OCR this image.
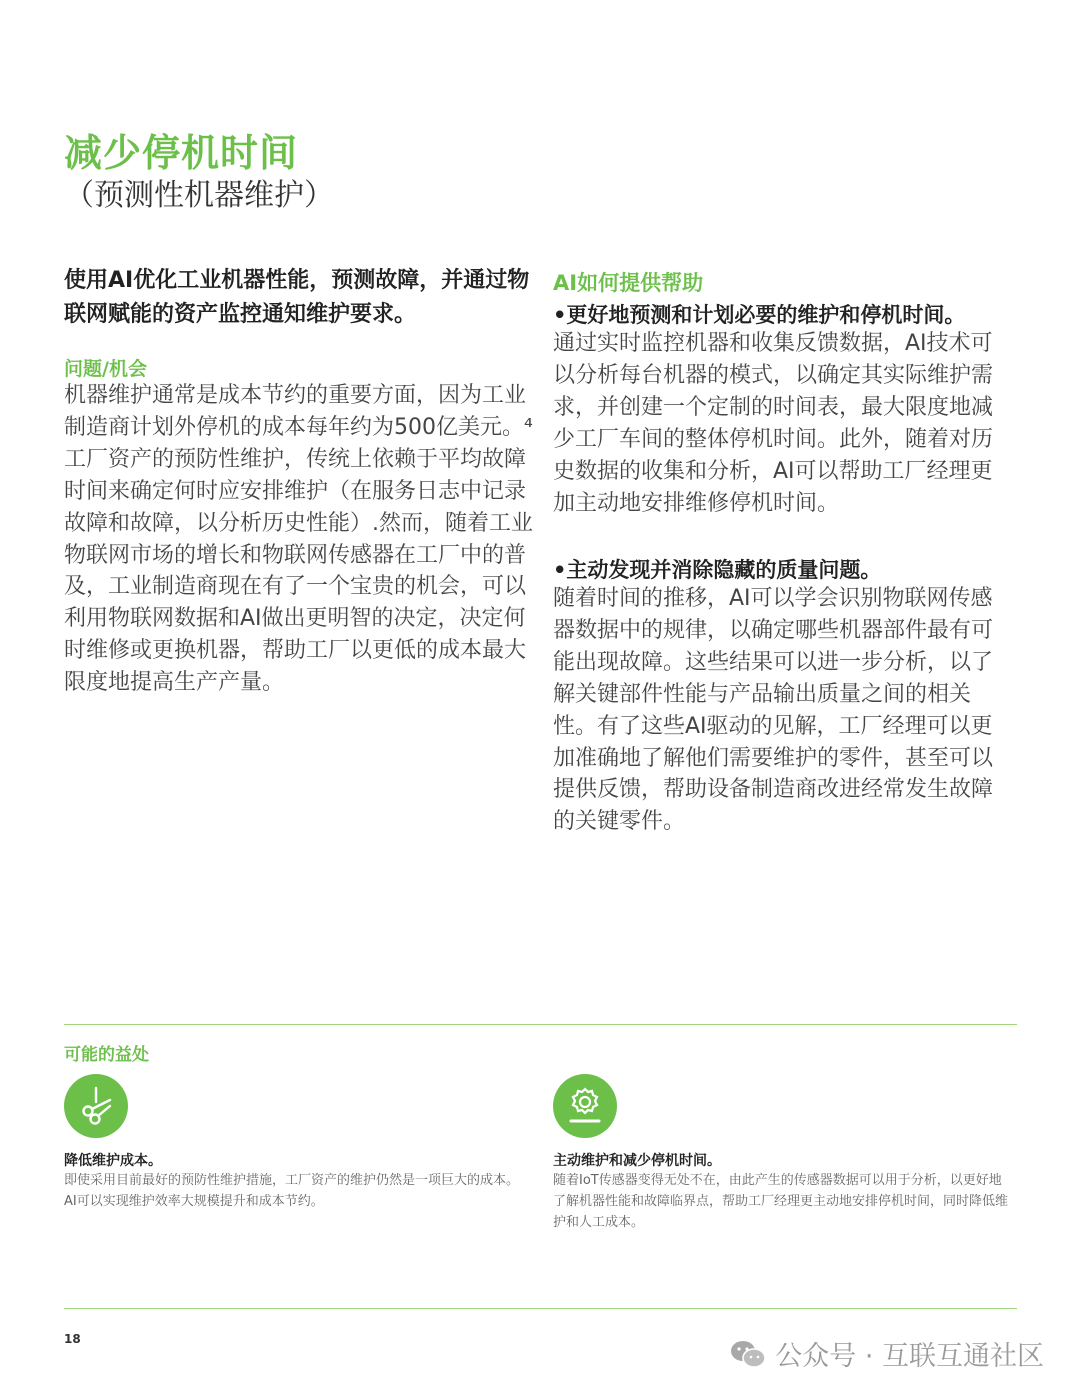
减少停机时间
（预测性机器维护）
使用AI优化工业机器性能，预测故障，并通过物联网赋能的资产监控通知维护要求。
问题/机会
机器维护通常是成本节约的重要方面，因为工业制造商计划外停机的成本每年约为500亿美元。⁴工厂资产的预防性维护，传统上依赖于平均故障时间来确定何时应安排维护（在服务日志中记录故障和故障，以分析历史性能）.然而，随着工业物联网市场的增长和物联网传感器在工厂中的普及，工业制造商现在有了一个宝贵的机会，可以利用物联网数据和AI做出更明智的决定，决定何时维修或更换机器，帮助工厂以更低的成本最大限度地提高生产产量。
AI如何提供帮助
•更好地预测和计划必要的维护和停机时间。
通过实时监控机器和收集反馈数据，AI技术可以分析每台机器的模式，以确定其实际维护需求，并创建一个定制的时间表，最大限度地减少工厂车间的整体停机时间。此外，随着对历史数据的收集和分析，AI可以帮助工厂经理更加主动地安排维修停机时间。
•主动发现并消除隐藏的质量问题。
随着时间的推移，AI可以学会识别物联网传感器数据中的规律，以确定哪些机器部件最有可能出现故障。这些结果可以进一步分析，以了解关键部件性能与产品输出质量之间的相关性。有了这些AI驱动的见解，工厂经理可以更加准确地了解他们需要维护的零件，甚至可以提供反馈，帮助设备制造商改进经常发生故障的关键零件。
可能的益处
降低维护成本。
即使采用目前最好的预防性维护措施，工厂资产的维护仍然是一项巨大的成本。AI可以实现维护效率大规模提升和成本节约。
主动维护和减少停机时间。
随着IoT传感器变得无处不在，由此产生的传感器数据可以用于分析，以更好地了解机器性能和故障临界点，帮助工厂经理更主动地安排停机时间，同时降低维护和人工成本。
18
公众号 · 互联互通社区
